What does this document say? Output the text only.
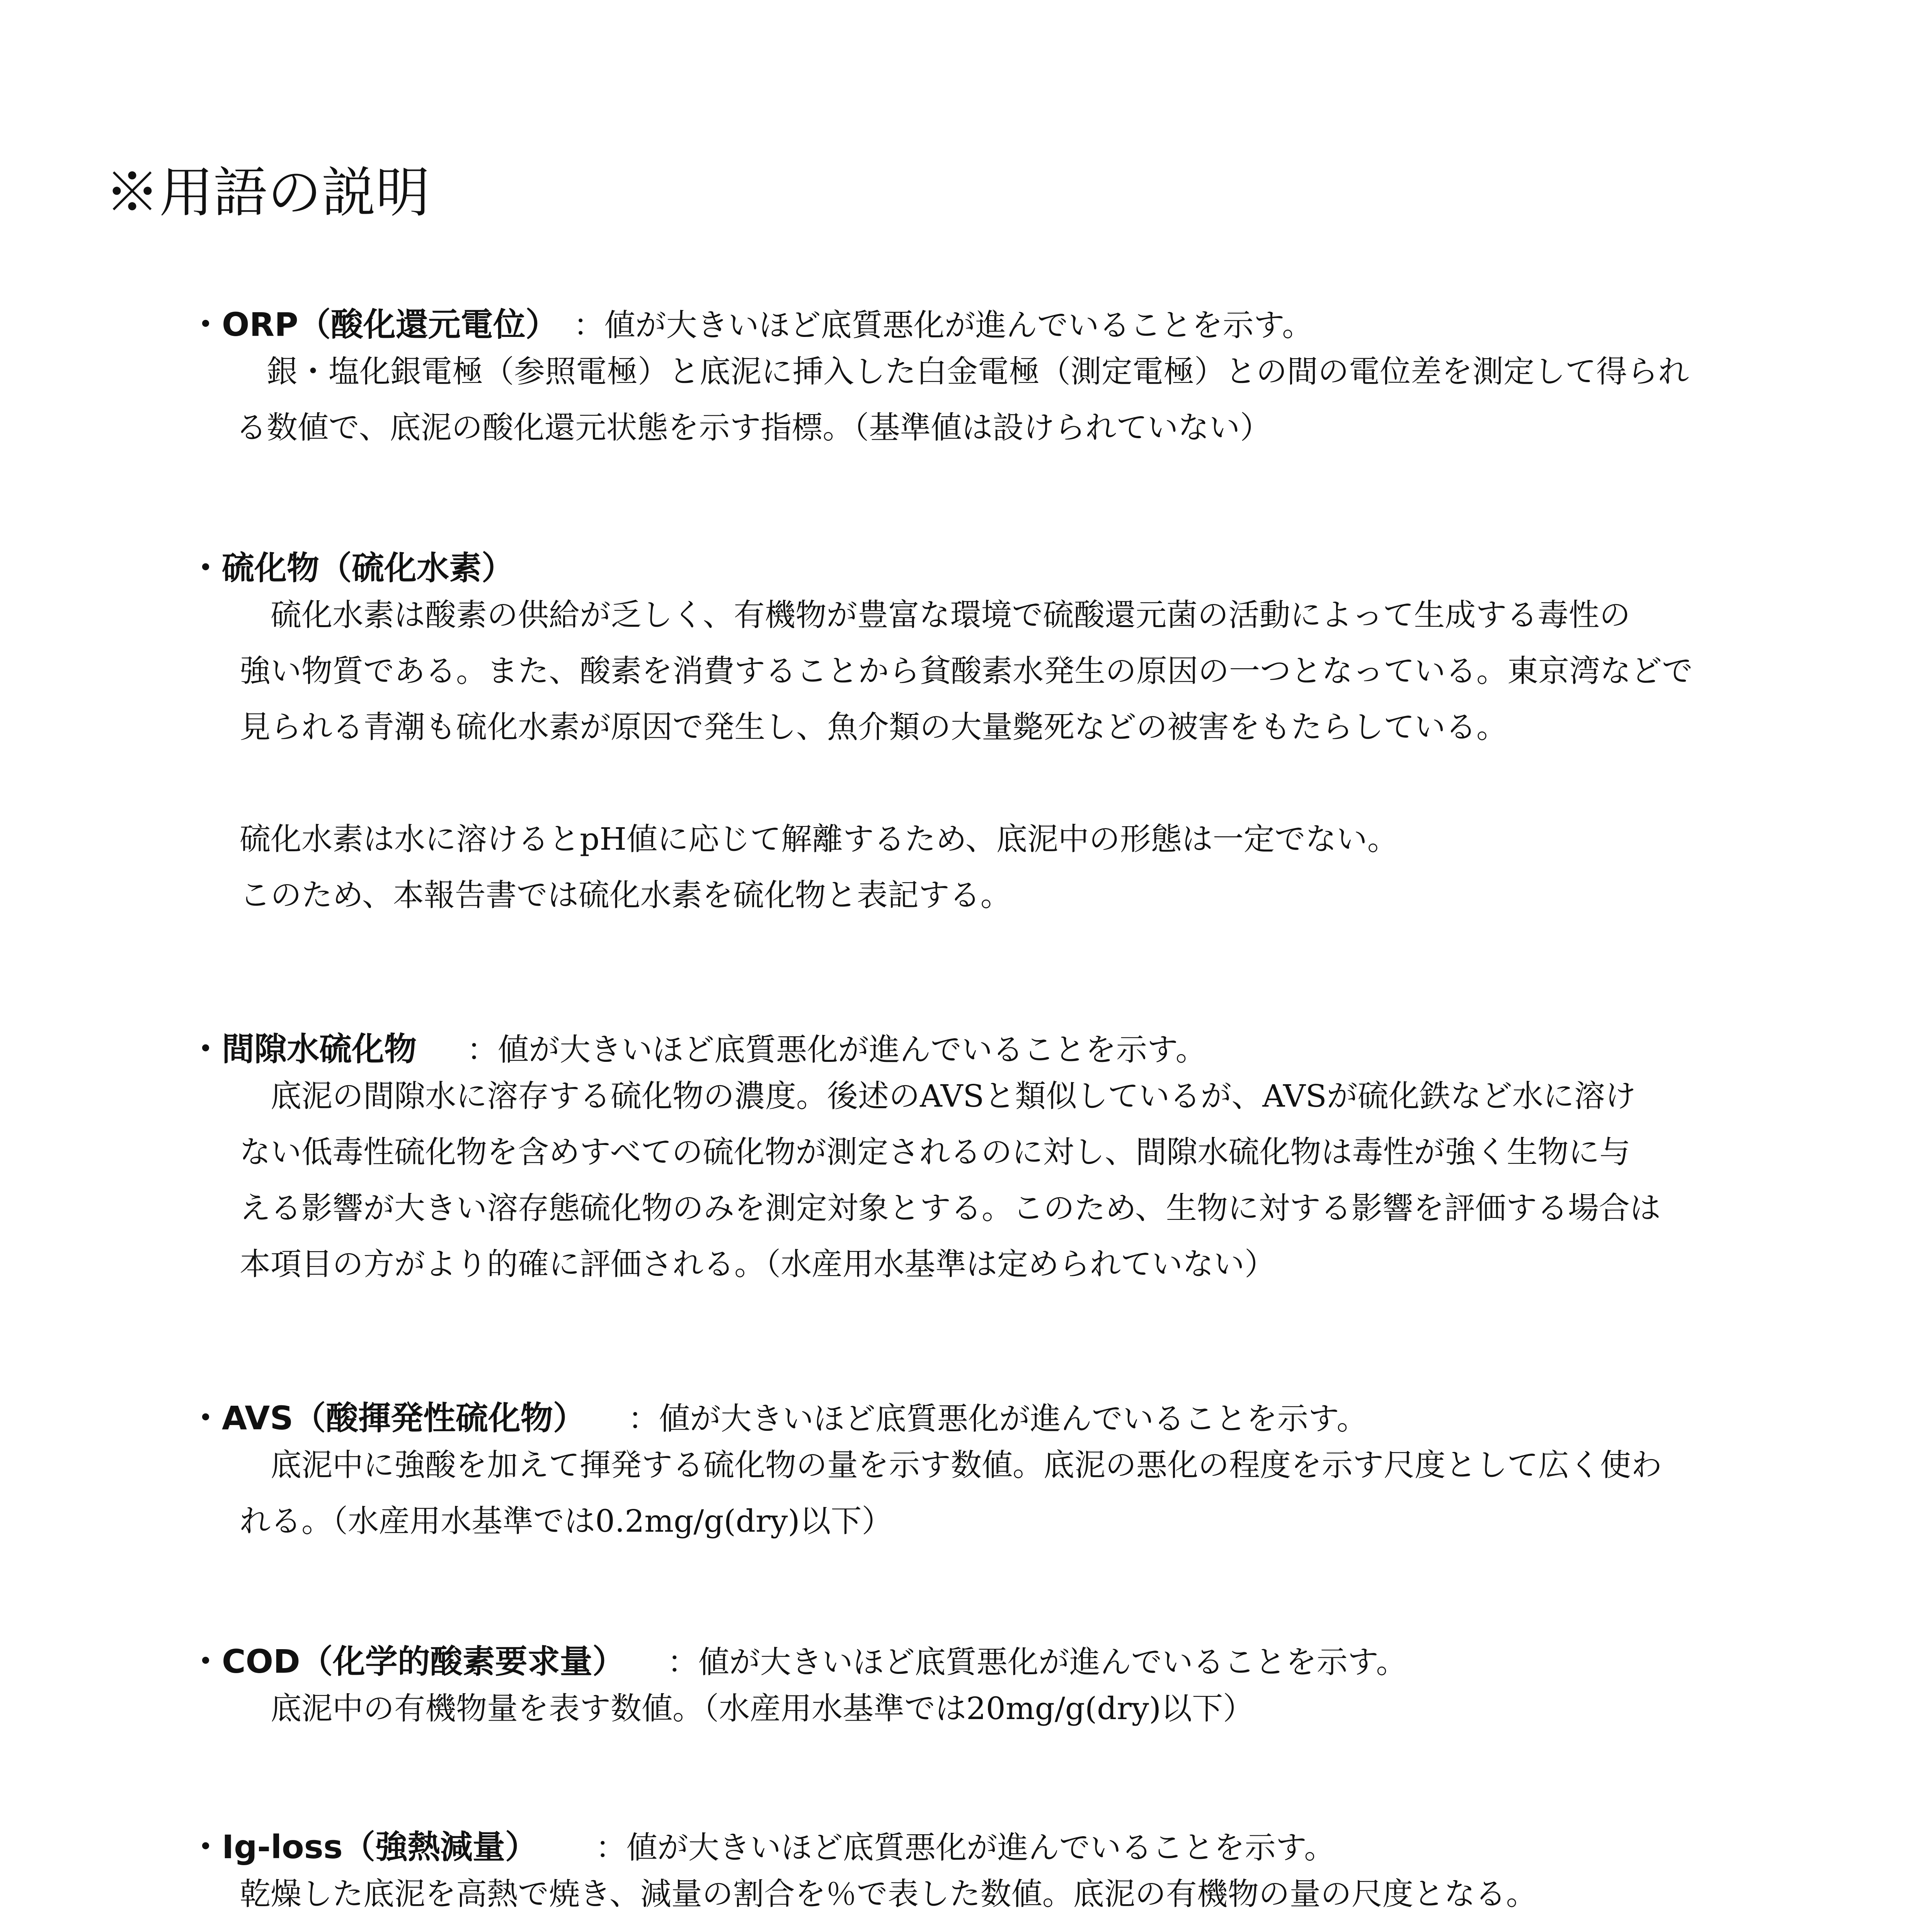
※用語の説明
・ORP（酸化還元電位） ：値が大きいほど底質悪化が進んでいることを示す。
　銀・塩化銀電極（参照電極）と底泥に挿入した白金電極（測定電極）との間の電位差を測定して得られ
る数値で、底泥の酸化還元状態を示す指標。（基準値は設けられていない）
・硫化物（硫化水素）
　硫化水素は酸素の供給が乏しく、有機物が豊富な環境で硫酸還元菌の活動によって生成する毒性の
強い物質である。また、酸素を消費することから貧酸素水発生の原因の一つとなっている。東京湾などで
見られる青潮も硫化水素が原因で発生し、魚介類の大量斃死などの被害をもたらしている。
硫化水素は水に溶けるとpH値に応じて解離するため、底泥中の形態は一定でない。
このため、本報告書では硫化水素を硫化物と表記する。
・間隙水硫化物 ：値が大きいほど底質悪化が進んでいることを示す。
　底泥の間隙水に溶存する硫化物の濃度。後述のAVSと類似しているが、AVSが硫化鉄など水に溶け
ない低毒性硫化物を含めすべての硫化物が測定されるのに対し、間隙水硫化物は毒性が強く生物に与
える影響が大きい溶存態硫化物のみを測定対象とする。このため、生物に対する影響を評価する場合は
本項目の方がより的確に評価される。（水産用水基準は定められていない）
・AVS（酸揮発性硫化物） ：値が大きいほど底質悪化が進んでいることを示す。
　底泥中に強酸を加えて揮発する硫化物の量を示す数値。底泥の悪化の程度を示す尺度として広く使わ
れる。（水産用水基準では0.2mg/g(dry)以下）
・COD（化学的酸素要求量） ：値が大きいほど底質悪化が進んでいることを示す。
　底泥中の有機物量を表す数値。（水産用水基準では20mg/g(dry)以下）
・Ig-loss（強熱減量） ：値が大きいほど底質悪化が進んでいることを示す。
乾燥した底泥を高熱で焼き、減量の割合を％で表した数値。底泥の有機物の量の尺度となる。
